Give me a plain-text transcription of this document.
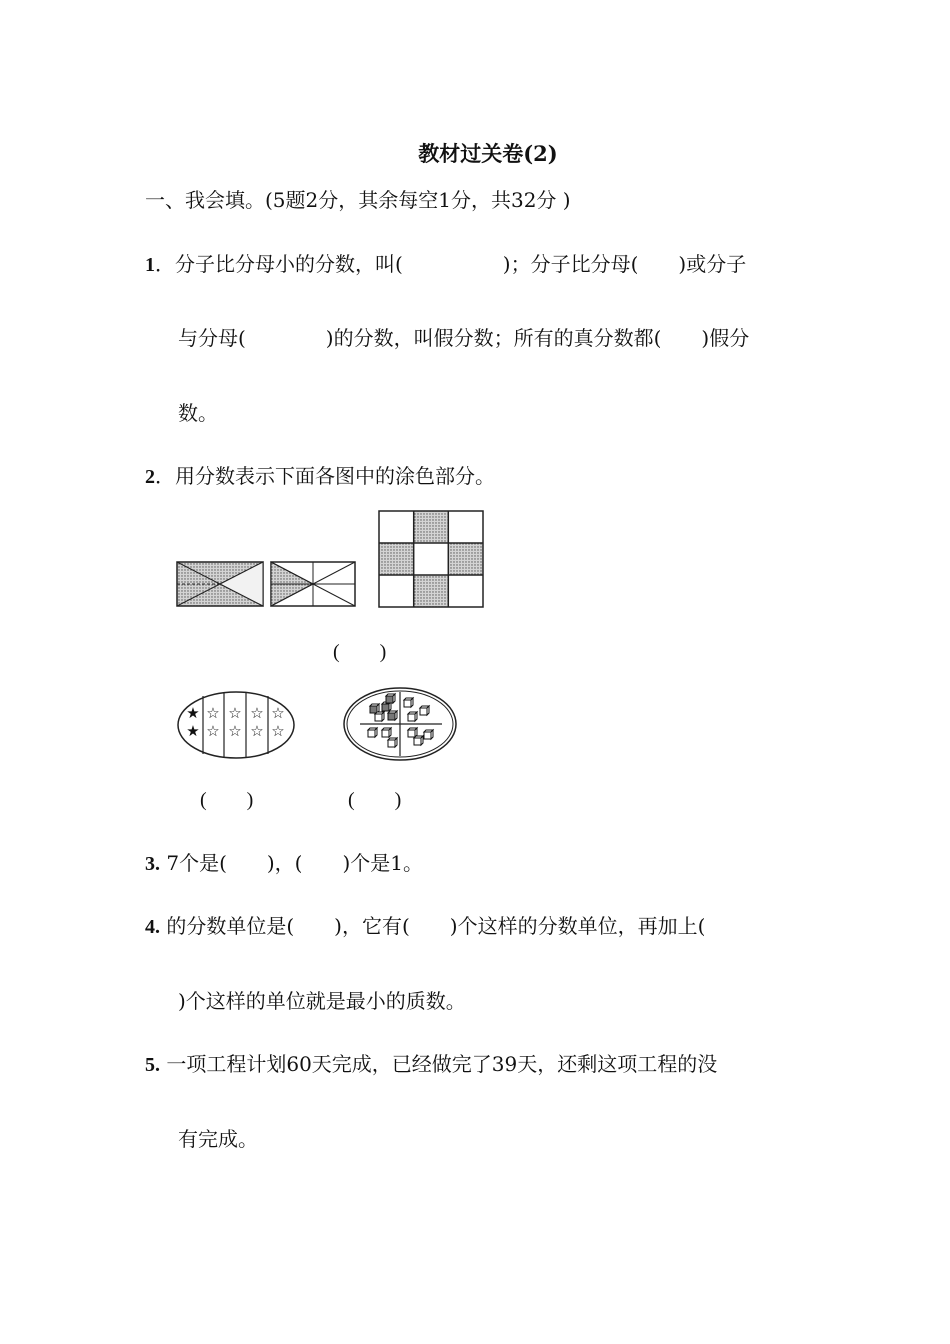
教材过关卷(2)
一、我会填。(5题2分，其余每空1分，共32分 )
1．分子比分母小的分数，叫(　　　　　)；分子比分母(　　)或分子
与分母(　　　　)的分数，叫假分数；所有的真分数都(　　)假分
数。
2．用分数表示下面各图中的涂色部分。
(　　)
★
★
☆
☆
☆
☆
☆
☆
☆
☆
(　　)	(　　)
3. 7个是(　　)，(　　)个是1。
4. 的分数单位是(　　)，它有(　　)个这样的分数单位，再加上(
)个这样的单位就是最小的质数。
5. 一项工程计划60天完成，已经做完了39天，还剩这项工程的没
有完成。
